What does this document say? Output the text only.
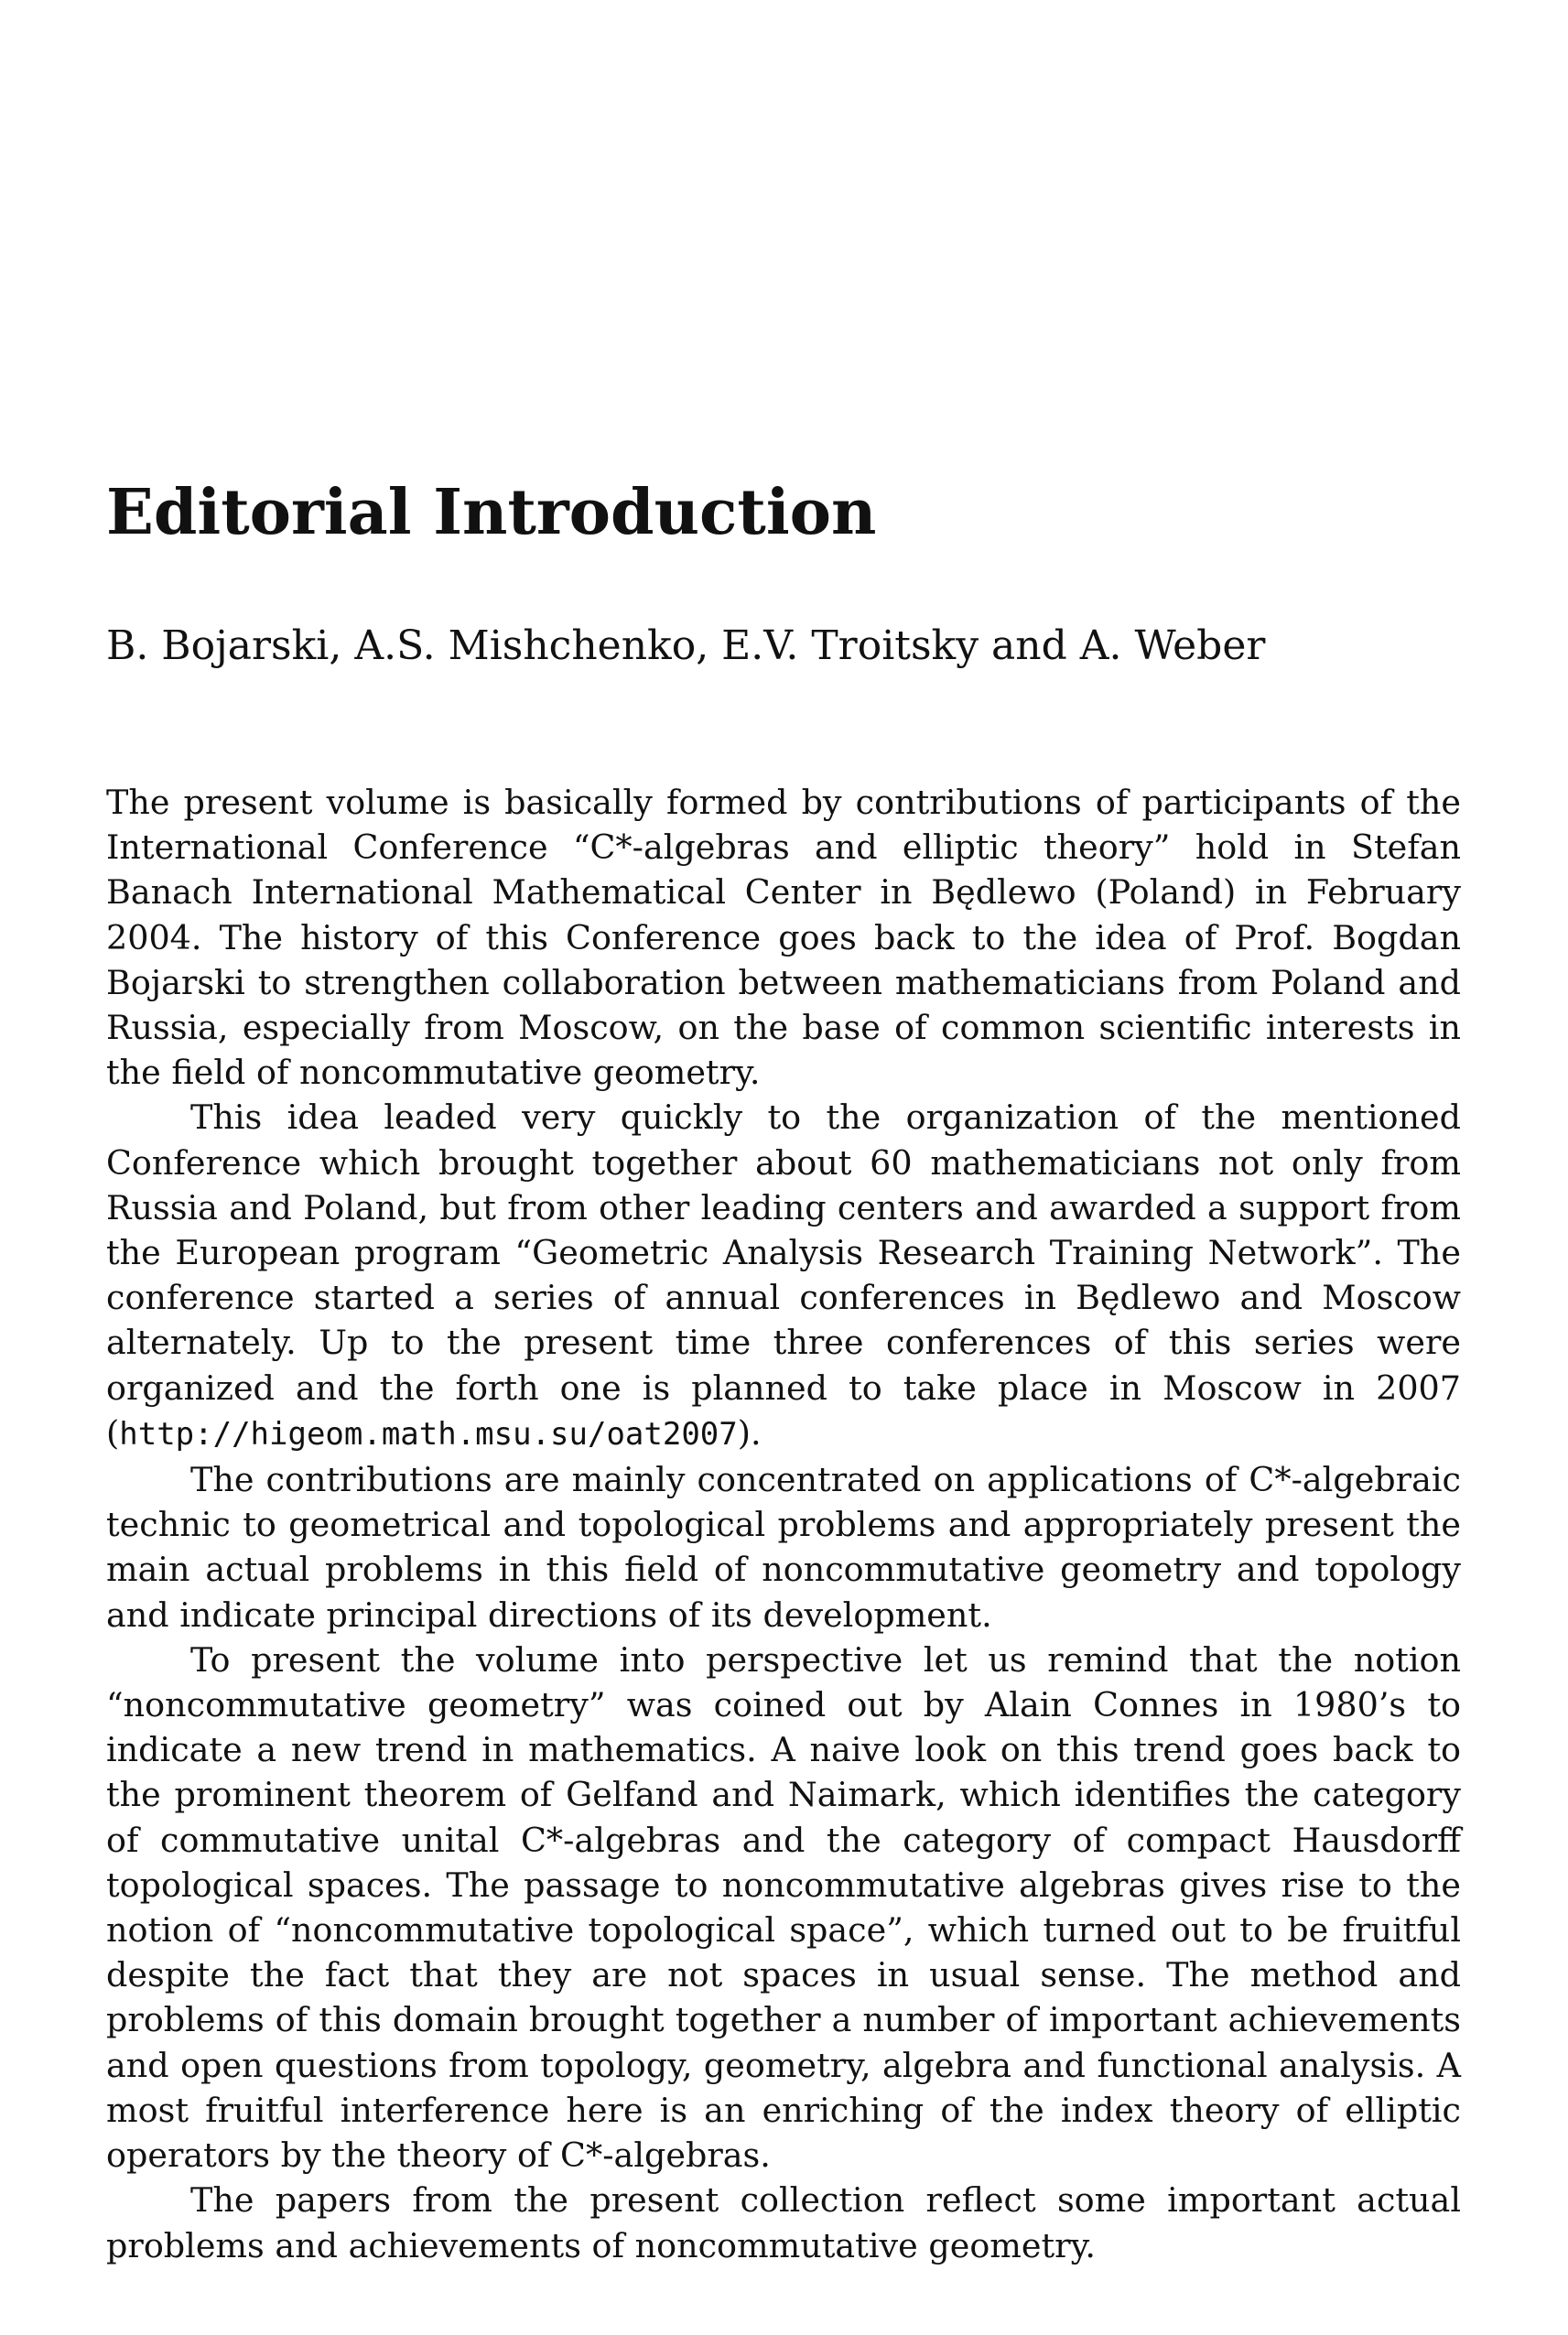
Editorial Introduction
B. Bojarski, A.S. Mishchenko, E.V. Troitsky and A. Weber

The present volume is basically formed by contributions of participants of the International Conference “C*-algebras and elliptic theory” hold in Stefan Banach International Mathematical Center in Będlewo (Poland) in February 2004. The history of this Conference goes back to the idea of Prof. Bogdan Bojarski to strengthen collaboration between mathematicians from Poland and Russia, especially from Moscow, on the base of common scientific interests in the field of noncommutative geometry.

This idea leaded very quickly to the organization of the mentioned Conference which brought together about 60 mathematicians not only from Russia and Poland, but from other leading centers and awarded a support from the European program “Geometric Analysis Research Training Network”. The conference started a series of annual conferences in Będlewo and Moscow alternately. Up to the present time three conferences of this series were organized and the forth one is planned to take place in Moscow in 2007 (http://higeom.math.msu.su/oat2007).

The contributions are mainly concentrated on applications of C*-algebraic technic to geometrical and topological problems and appropriately present the main actual problems in this field of noncommutative geometry and topology and indicate principal directions of its development.

To present the volume into perspective let us remind that the notion “noncommutative geometry” was coined out by Alain Connes in 1980’s to indicate a new trend in mathematics. A naive look on this trend goes back to the prominent theorem of Gelfand and Naimark, which identifies the category of commutative unital C*-algebras and the category of compact Hausdorff topological spaces. The passage to noncommutative algebras gives rise to the notion of “noncommutative topological space”, which turned out to be fruitful despite the fact that they are not spaces in usual sense. The method and problems of this domain brought together a number of important achievements and open questions from topology, geometry, algebra and functional analysis. A most fruitful interference here is an enriching of the index theory of elliptic operators by the theory of C*-algebras.

The papers from the present collection reflect some important actual problems and achievements of noncommutative geometry.
